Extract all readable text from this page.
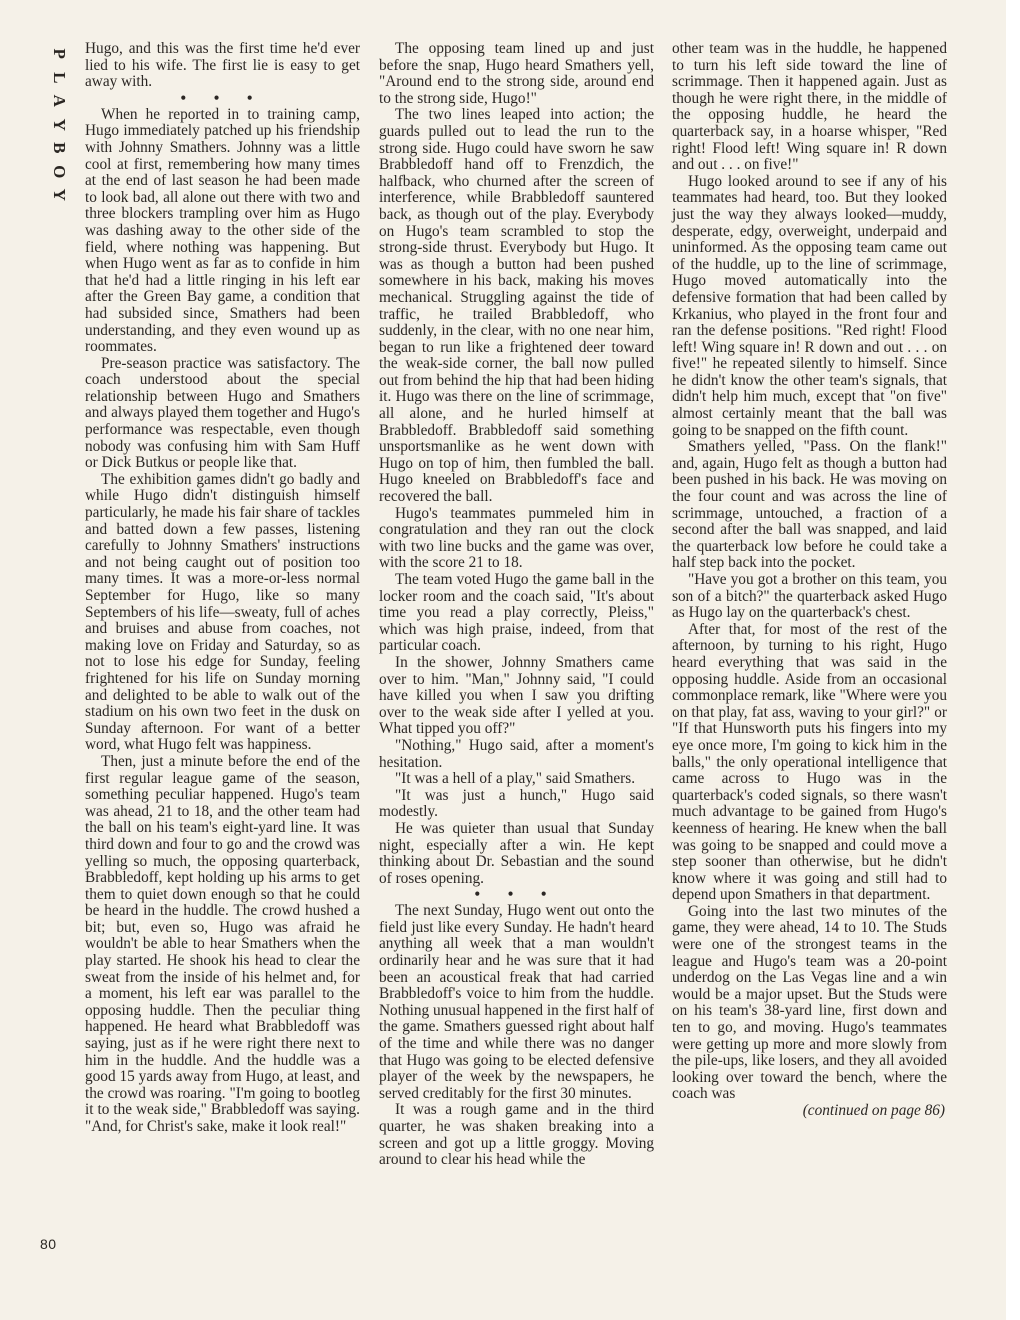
P
L
A
Y
B
O
Y

Hugo, and this was the first time he'd ever lied to his wife. The first lie is easy to get away with.

• • •

When he reported in to training camp, Hugo immediately patched up his friendship with Johnny Smathers. Johnny was a little cool at first, remembering how many times at the end of last season he had been made to look bad, all alone out there with two and three blockers trampling over him as Hugo was dashing away to the other side of the field, where nothing was happening. But when Hugo went as far as to confide in him that he'd had a little ringing in his left ear after the Green Bay game, a condition that had subsided since, Smathers had been understanding, and they even wound up as roommates.

Pre-season practice was satisfactory. The coach understood about the special relationship between Hugo and Smathers and always played them together and Hugo's performance was respectable, even though nobody was confusing him with Sam Huff or Dick Butkus or people like that.

The exhibition games didn't go badly and while Hugo didn't distinguish himself particularly, he made his fair share of tackles and batted down a few passes, listening carefully to Johnny Smathers' instructions and not being caught out of position too many times. It was a more-or-less normal September for Hugo, like so many Septembers of his life—sweaty, full of aches and bruises and abuse from coaches, not making love on Friday and Saturday, so as not to lose his edge for Sunday, feeling frightened for his life on Sunday morning and delighted to be able to walk out of the stadium on his own two feet in the dusk on Sunday afternoon. For want of a better word, what Hugo felt was happiness.

Then, just a minute before the end of the first regular league game of the season, something peculiar happened. Hugo's team was ahead, 21 to 18, and the other team had the ball on his team's eight-yard line. It was third down and four to go and the crowd was yelling so much, the opposing quarterback, Brabbledoff, kept holding up his arms to get them to quiet down enough so that he could be heard in the huddle. The crowd hushed a bit; but, even so, Hugo was afraid he wouldn't be able to hear Smathers when the play started. He shook his head to clear the sweat from the inside of his helmet and, for a moment, his left ear was parallel to the opposing huddle. Then the peculiar thing happened. He heard what Brabbledoff was saying, just as if he were right there next to him in the huddle. And the huddle was a good 15 yards away from Hugo, at least, and the crowd was roaring. "I'm going to bootleg it to the weak side," Brabbledoff was saying. "And, for Christ's sake, make it look real!"

The opposing team lined up and just before the snap, Hugo heard Smathers yell, "Around end to the strong side, around end to the strong side, Hugo!"

The two lines leaped into action; the guards pulled out to lead the run to the strong side. Hugo could have sworn he saw Brabbledoff hand off to Frenzdich, the halfback, who churned after the screen of interference, while Brabbledoff sauntered back, as though out of the play. Everybody on Hugo's team scrambled to stop the strong-side thrust. Everybody but Hugo. It was as though a button had been pushed somewhere in his back, making his moves mechanical. Struggling against the tide of traffic, he trailed Brabbledoff, who suddenly, in the clear, with no one near him, began to run like a frightened deer toward the weak-side corner, the ball now pulled out from behind the hip that had been hiding it. Hugo was there on the line of scrimmage, all alone, and he hurled himself at Brabbledoff. Brabbledoff said something unsportsmanlike as he went down with Hugo on top of him, then fumbled the ball. Hugo kneeled on Brabbledoff's face and recovered the ball.

Hugo's teammates pummeled him in congratulation and they ran out the clock with two line bucks and the game was over, with the score 21 to 18.

The team voted Hugo the game ball in the locker room and the coach said, "It's about time you read a play correctly, Pleiss," which was high praise, indeed, from that particular coach.

In the shower, Johnny Smathers came over to him. "Man," Johnny said, "I could have killed you when I saw you drifting over to the weak side after I yelled at you. What tipped you off?"

"Nothing," Hugo said, after a moment's hesitation.

"It was a hell of a play," said Smathers.

"It was just a hunch," Hugo said modestly.

He was quieter than usual that Sunday night, especially after a win. He kept thinking about Dr. Sebastian and the sound of roses opening.

• • •

The next Sunday, Hugo went out onto the field just like every Sunday. He hadn't heard anything all week that a man wouldn't ordinarily hear and he was sure that it had been an acoustical freak that had carried Brabbledoff's voice to him from the huddle. Nothing unusual happened in the first half of the game. Smathers guessed right about half of the time and while there was no danger that Hugo was going to be elected defensive player of the week by the newspapers, he served creditably for the first 30 minutes.

It was a rough game and in the third quarter, he was shaken breaking into a screen and got up a little groggy. Moving around to clear his head while the

other team was in the huddle, he happened to turn his left side toward the line of scrimmage. Then it happened again. Just as though he were right there, in the middle of the opposing huddle, he heard the quarterback say, in a hoarse whisper, "Red right! Flood left! Wing square in! R down and out . . . on five!"

Hugo looked around to see if any of his teammates had heard, too. But they looked just the way they always looked—muddy, desperate, edgy, overweight, underpaid and uninformed. As the opposing team came out of the huddle, up to the line of scrimmage, Hugo moved automatically into the defensive formation that had been called by Krkanius, who played in the front four and ran the defense positions. "Red right! Flood left! Wing square in! R down and out . . . on five!" he repeated silently to himself. Since he didn't know the other team's signals, that didn't help him much, except that "on five" almost certainly meant that the ball was going to be snapped on the fifth count.

Smathers yelled, "Pass. On the flank!" and, again, Hugo felt as though a button had been pushed in his back. He was moving on the four count and was across the line of scrimmage, untouched, a fraction of a second after the ball was snapped, and laid the quarterback low before he could take a half step back into the pocket.

"Have you got a brother on this team, you son of a bitch?" the quarterback asked Hugo as Hugo lay on the quarterback's chest.

After that, for most of the rest of the afternoon, by turning to his right, Hugo heard everything that was said in the opposing huddle. Aside from an occasional commonplace remark, like "Where were you on that play, fat ass, waving to your girl?" or "If that Hunsworth puts his fingers into my eye once more, I'm going to kick him in the balls," the only operational intelligence that came across to Hugo was in the quarterback's coded signals, so there wasn't much advantage to be gained from Hugo's keenness of hearing. He knew when the ball was going to be snapped and could move a step sooner than otherwise, but he didn't know where it was going and still had to depend upon Smathers in that department.

Going into the last two minutes of the game, they were ahead, 14 to 10. The Studs were one of the strongest teams in the league and Hugo's team was a 20-point underdog on the Las Vegas line and a win would be a major upset. But the Studs were on his team's 38-yard line, first down and ten to go, and moving. Hugo's teammates were getting up more and more slowly from the pile-ups, like losers, and they all avoided looking over toward the bench, where the coach was

(continued on page 86)

80
